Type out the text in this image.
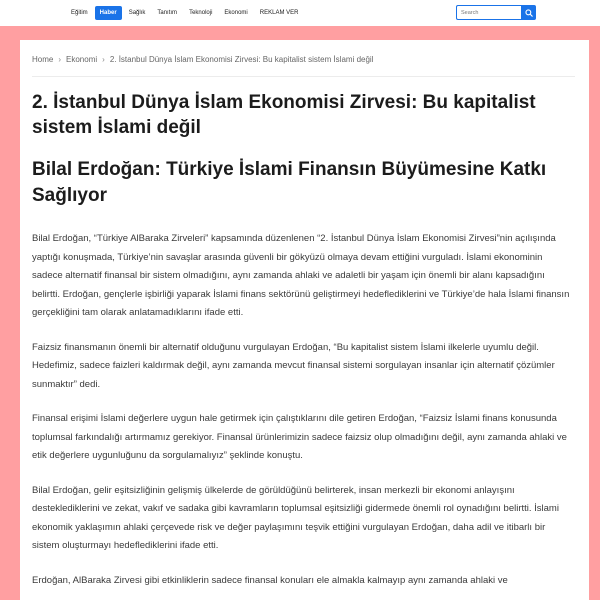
Eğitim	Haber	Sağlık	Tanıtım	Teknoloji	Ekonomi	REKLAM VER
Search
Home › Ekonomi › 2. İstanbul Dünya İslam Ekonomisi Zirvesi: Bu kapitalist sistem İslami değil
2. İstanbul Dünya İslam Ekonomisi Zirvesi: Bu kapitalist sistem İslami değil
Bilal Erdoğan: Türkiye İslami Finansın Büyümesine Katkı Sağlıyor

Bilal Erdoğan, “Türkiye AlBaraka Zirveleri” kapsamında düzenlenen “2. İstanbul Dünya İslam Ekonomisi Zirvesi”nin açılışında yaptığı konuşmada, Türkiye’nin savaşlar arasında güvenli bir gökyüzü olmaya devam ettiğini vurguladı. İslami ekonominin sadece alternatif finansal bir sistem olmadığını, aynı zamanda ahlaki ve adaletli bir yaşam için önemli bir alanı kapsadığını belirtti. Erdoğan, gençlerle işbirliği yaparak İslami finans sektörünü geliştirmeyi hedeflediklerini ve Türkiye’de hala İslami finansın gerçekliğini tam olarak anlatamadıklarını ifade etti.

Faizsiz finansmanın önemli bir alternatif olduğunu vurgulayan Erdoğan, “Bu kapitalist sistem İslami ilkelerle uyumlu değil. Hedefimiz, sadece faizleri kaldırmak değil, aynı zamanda mevcut finansal sistemi sorgulayan insanlar için alternatif çözümler sunmaktır” dedi.

Finansal erişimi İslami değerlere uygun hale getirmek için çalıştıklarını dile getiren Erdoğan, “Faizsiz İslami finans konusunda toplumsal farkındalığı artırmamız gerekiyor. Finansal ürünlerimizin sadece faizsiz olup olmadığını değil, aynı zamanda ahlaki ve etik değerlere uygunluğunu da sorgulamalıyız” şeklinde konuştu.

Bilal Erdoğan, gelir eşitsizliğinin gelişmiş ülkelerde de görüldüğünü belirterek, insan merkezli bir ekonomi anlayışını desteklediklerini ve zekat, vakıf ve sadaka gibi kavramların toplumsal eşitsizliği gidermede önemli rol oynadığını belirtti. İslami ekonomik yaklaşımın ahlaki çerçevede risk ve değer paylaşımını teşvik ettiğini vurgulayan Erdoğan, daha adil ve itibarlı bir sistem oluşturmayı hedeflediklerini ifade etti.

Erdoğan, AlBaraka Zirvesi gibi etkinliklerin sadece finansal konuları ele almakla kalmayıp aynı zamanda ahlaki ve
